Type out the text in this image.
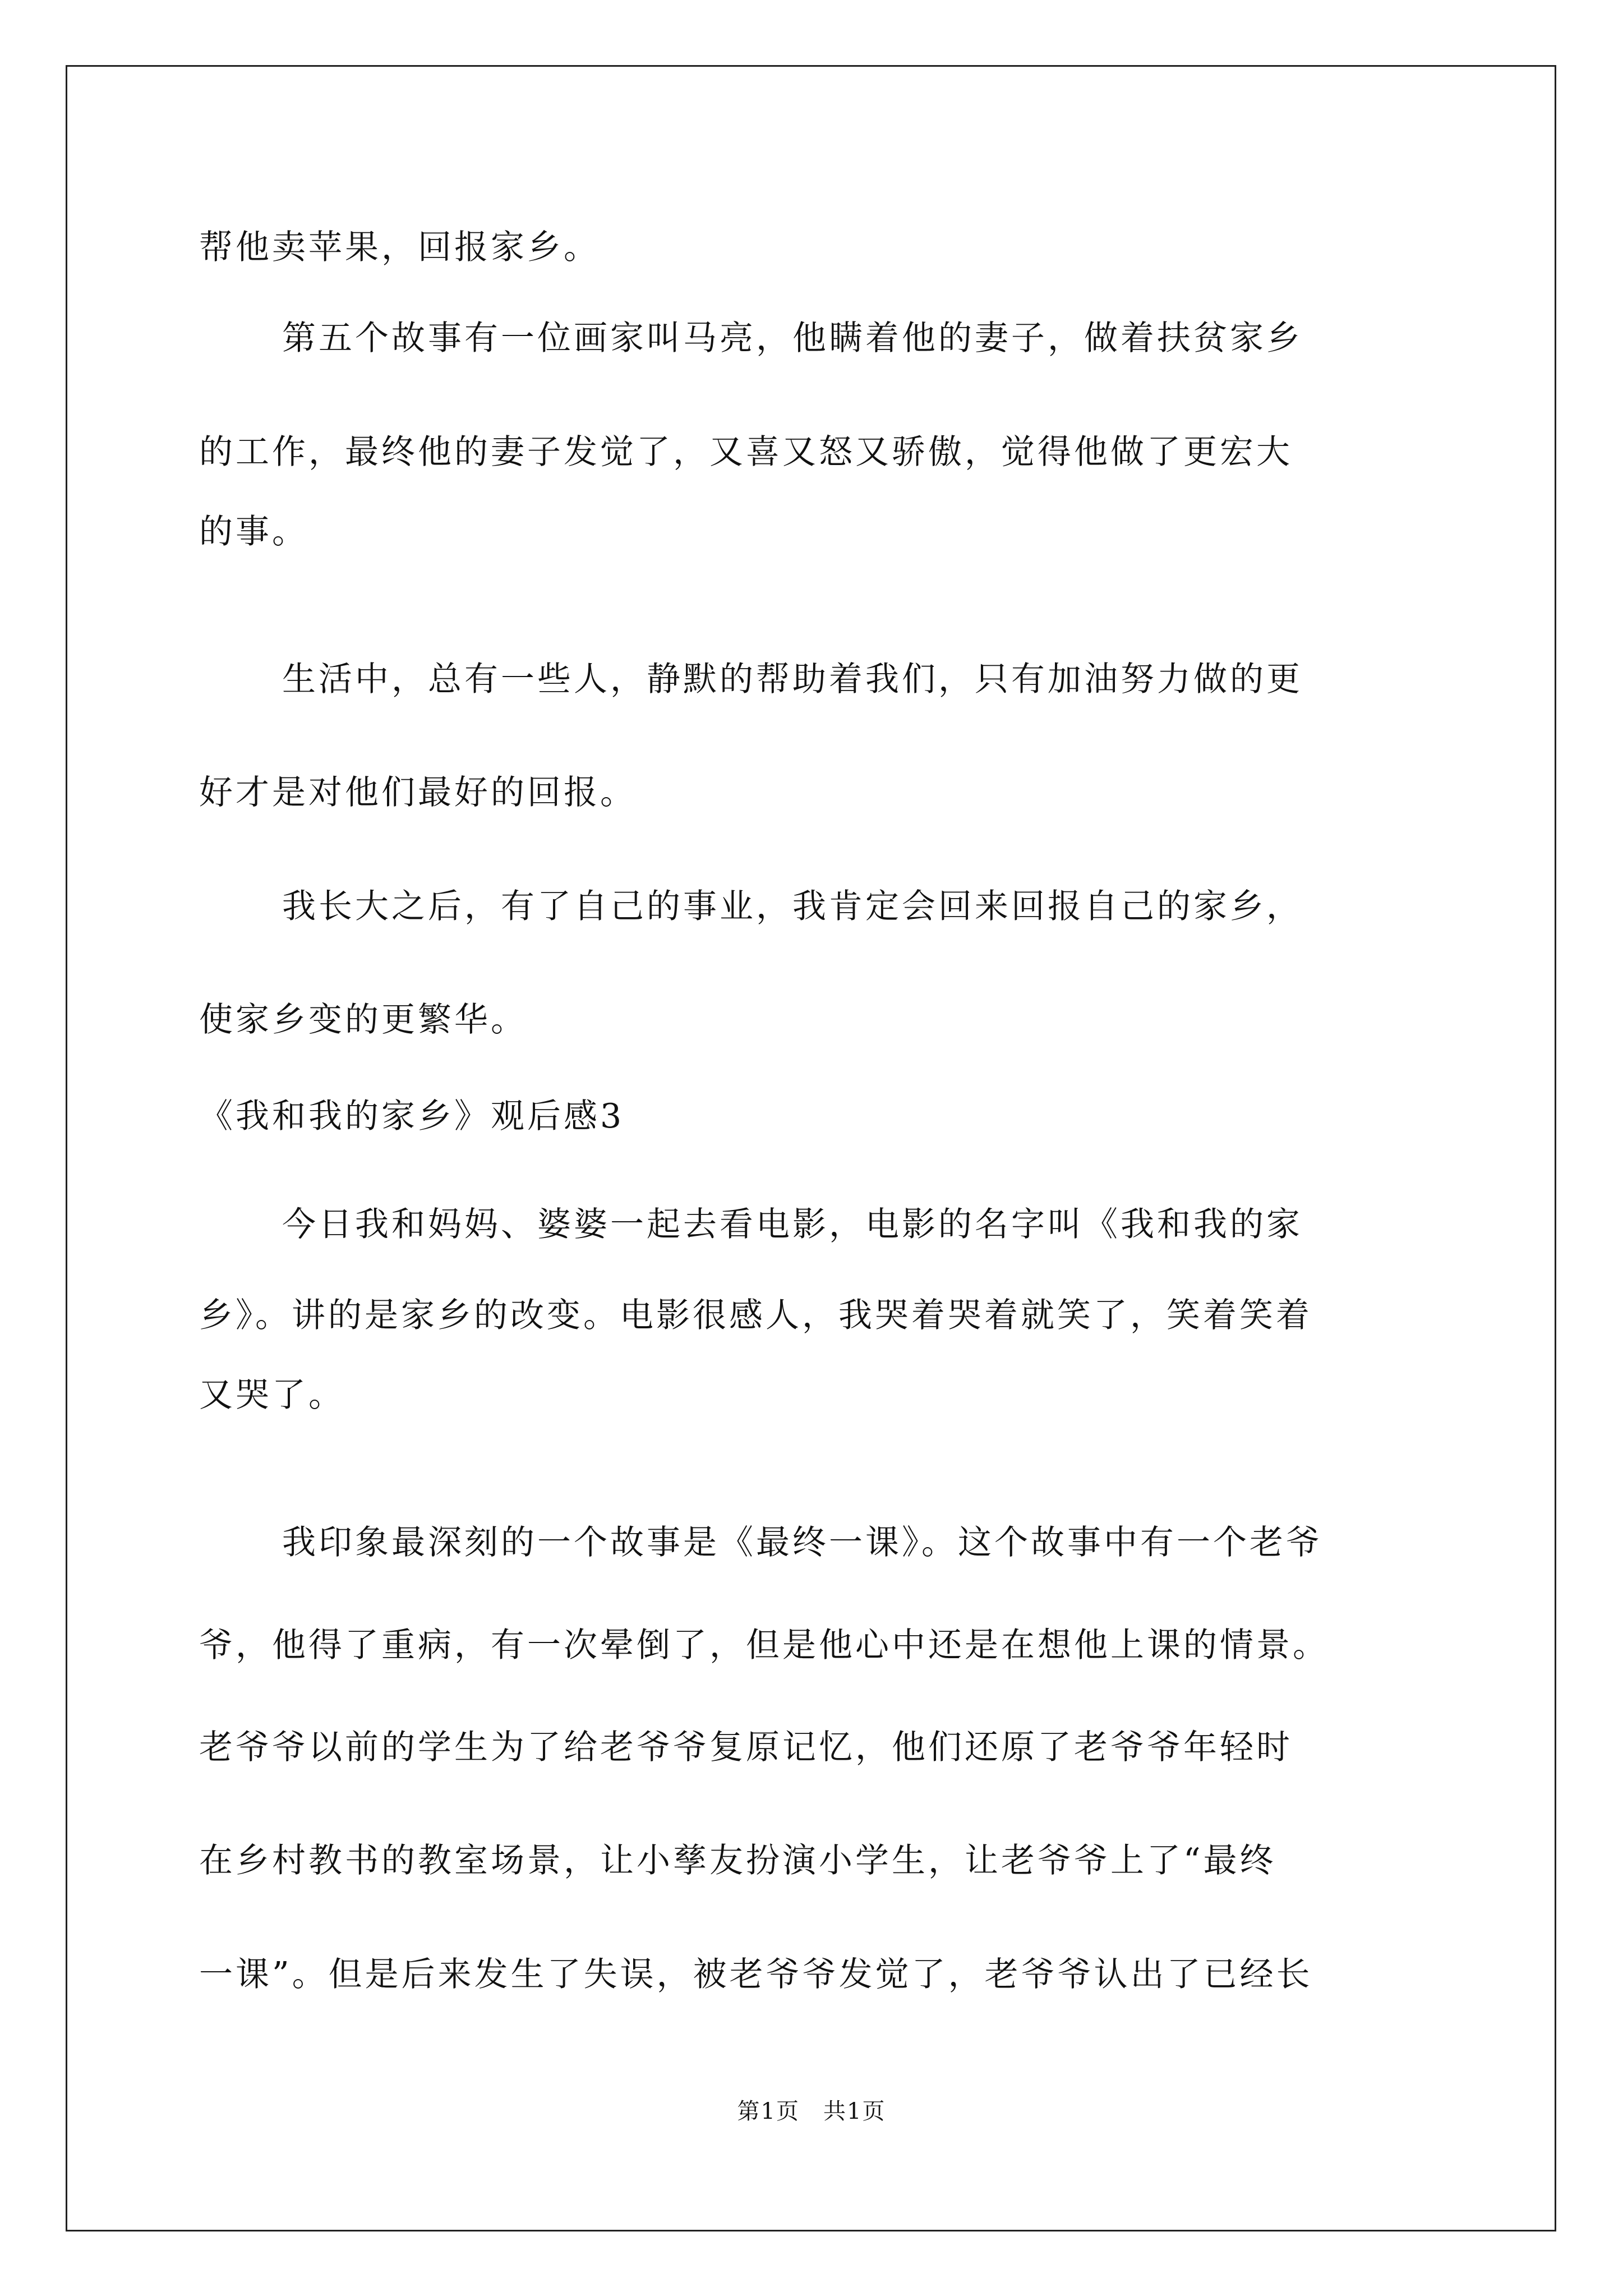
帮他卖苹果，回报家乡。
第五个故事有一位画家叫马亮，他瞒着他的妻子，做着扶贫家乡
的工作，最终他的妻子发觉了，又喜又怒又骄傲，觉得他做了更宏大
的事。
生活中，总有一些人，静默的帮助着我们，只有加油努力做的更
好才是对他们最好的回报。
我长大之后，有了自己的事业，我肯定会回来回报自己的家乡，
使家乡变的更繁华。
《我和我的家乡》观后感3
今日我和妈妈、婆婆一起去看电影，电影的名字叫《我和我的家
乡》。讲的是家乡的改变。电影很感人，我哭着哭着就笑了，笑着笑着
又哭了。
我印象最深刻的一个故事是《最终一课》。这个故事中有一个老爷
爷，他得了重病，有一次晕倒了，但是他心中还是在想他上课的情景。
老爷爷以前的学生为了给老爷爷复原记忆，他们还原了老爷爷年轻时
在乡村教书的教室场景，让小孳友扮演小学生，让老爷爷上了“最终
一课”。但是后来发生了失误，被老爷爷发觉了，老爷爷认出了已经长
第1页　共1页
